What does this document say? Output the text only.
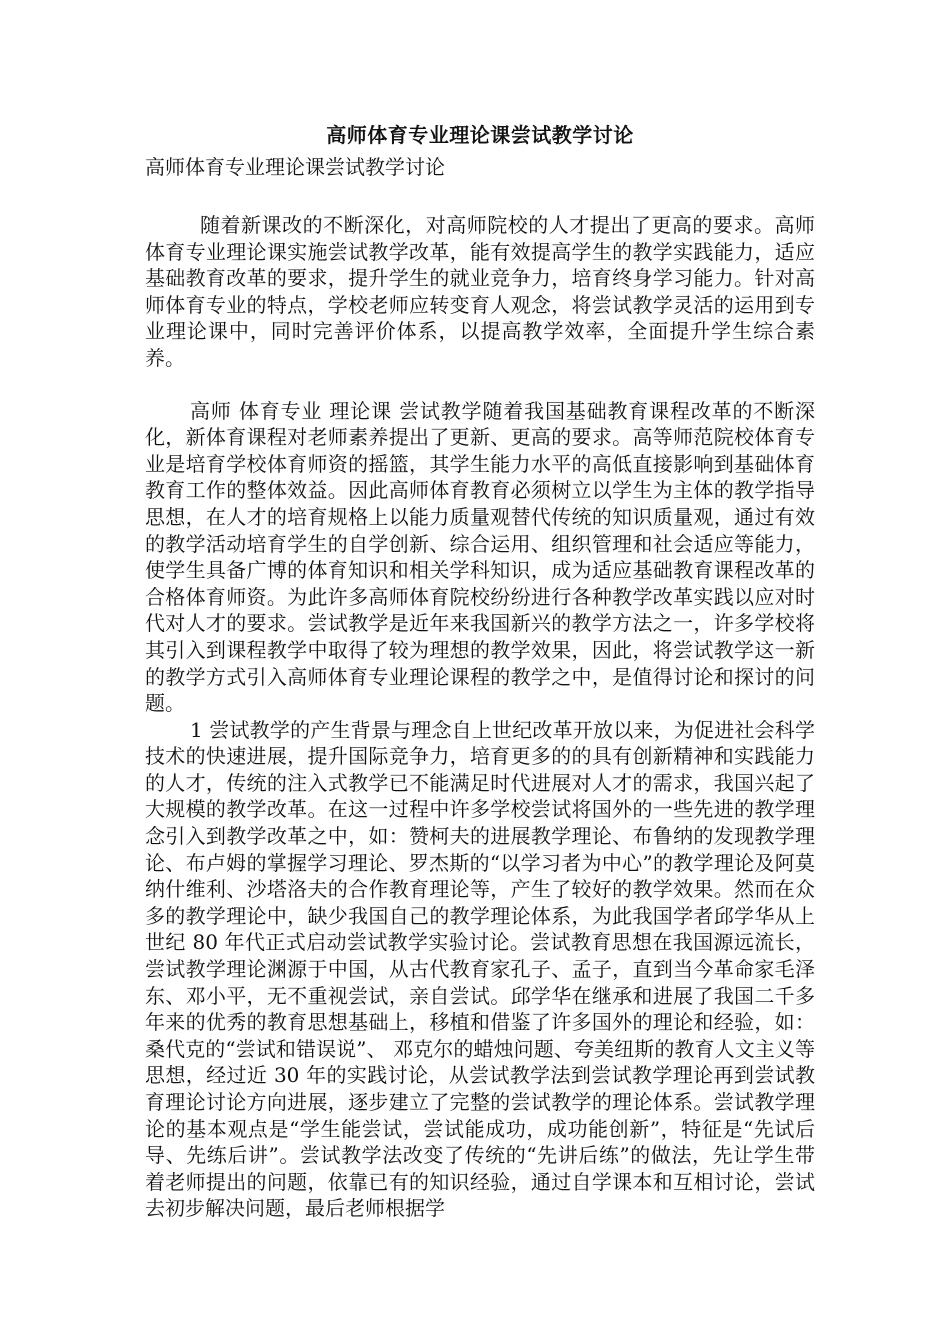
高师体育专业理论课尝试教学讨论
高师体育专业理论课尝试教学讨论

随着新课改的不断深化，对高师院校的人才提出了更高的要求。高师体育专业理论课实施尝试教学改革，能有效提高学生的教学实践能力，适应基础教育改革的要求，提升学生的就业竞争力，培育终身学习能力。针对高师体育专业的特点，学校老师应转变育人观念，将尝试教学灵活的运用到专业理论课中，同时完善评价体系，以提高教学效率，全面提升学生综合素养。

高师 体育专业 理论课 尝试教学随着我国基础教育课程改革的不断深化，新体育课程对老师素养提出了更新、更高的要求。高等师范院校体育专业是培育学校体育师资的摇篮，其学生能力水平的高低直接影响到基础体育教育工作的整体效益。因此高师体育教育必须树立以学生为主体的教学指导思想，在人才的培育规格上以能力质量观替代传统的知识质量观，通过有效的教学活动培育学生的自学创新、综合运用、组织管理和社会适应等能力，使学生具备广博的体育知识和相关学科知识，成为适应基础教育课程改革的合格体育师资。为此许多高师体育院校纷纷进行各种教学改革实践以应对时代对人才的要求。尝试教学是近年来我国新兴的教学方法之一，许多学校将其引入到课程教学中取得了较为理想的教学效果，因此，将尝试教学这一新的教学方式引入高师体育专业理论课程的教学之中，是值得讨论和探讨的问题。

1 尝试教学的产生背景与理念自上世纪改革开放以来，为促进社会科学技术的快速进展，提升国际竞争力，培育更多的的具有创新精神和实践能力的人才，传统的注入式教学已不能满足时代进展对人才的需求，我国兴起了大规模的教学改革。在这一过程中许多学校尝试将国外的一些先进的教学理念引入到教学改革之中，如：赞柯夫的进展教学理论、布鲁纳的发现教学理论、布卢姆的掌握学习理论、罗杰斯的“以学习者为中心”的教学理论及阿莫纳什维利、沙塔洛夫的合作教育理论等，产生了较好的教学效果。然而在众多的教学理论中，缺少我国自己的教学理论体系，为此我国学者邱学华从上世纪 80 年代正式启动尝试教学实验讨论。尝试教育思想在我国源远流长，尝试教学理论渊源于中国，从古代教育家孔子、孟子，直到当今革命家毛泽东、邓小平，无不重视尝试，亲自尝试。邱学华在继承和进展了我国二千多年来的优秀的教育思想基础上，移植和借鉴了许多国外的理论和经验，如：桑代克的“尝试和错误说”、 邓克尔的蜡烛问题、夸美纽斯的教育人文主义等思想，经过近 30 年的实践讨论，从尝试教学法到尝试教学理论再到尝试教育理论讨论方向进展，逐步建立了完整的尝试教学的理论体系。尝试教学理论的基本观点是“学生能尝试，尝试能成功，成功能创新”，特征是“先试后导、先练后讲”。尝试教学法改变了传统的“先讲后练”的做法，先让学生带着老师提出的问题，依靠已有的知识经验，通过自学课本和互相讨论，尝试去初步解决问题，最后老师根据学
